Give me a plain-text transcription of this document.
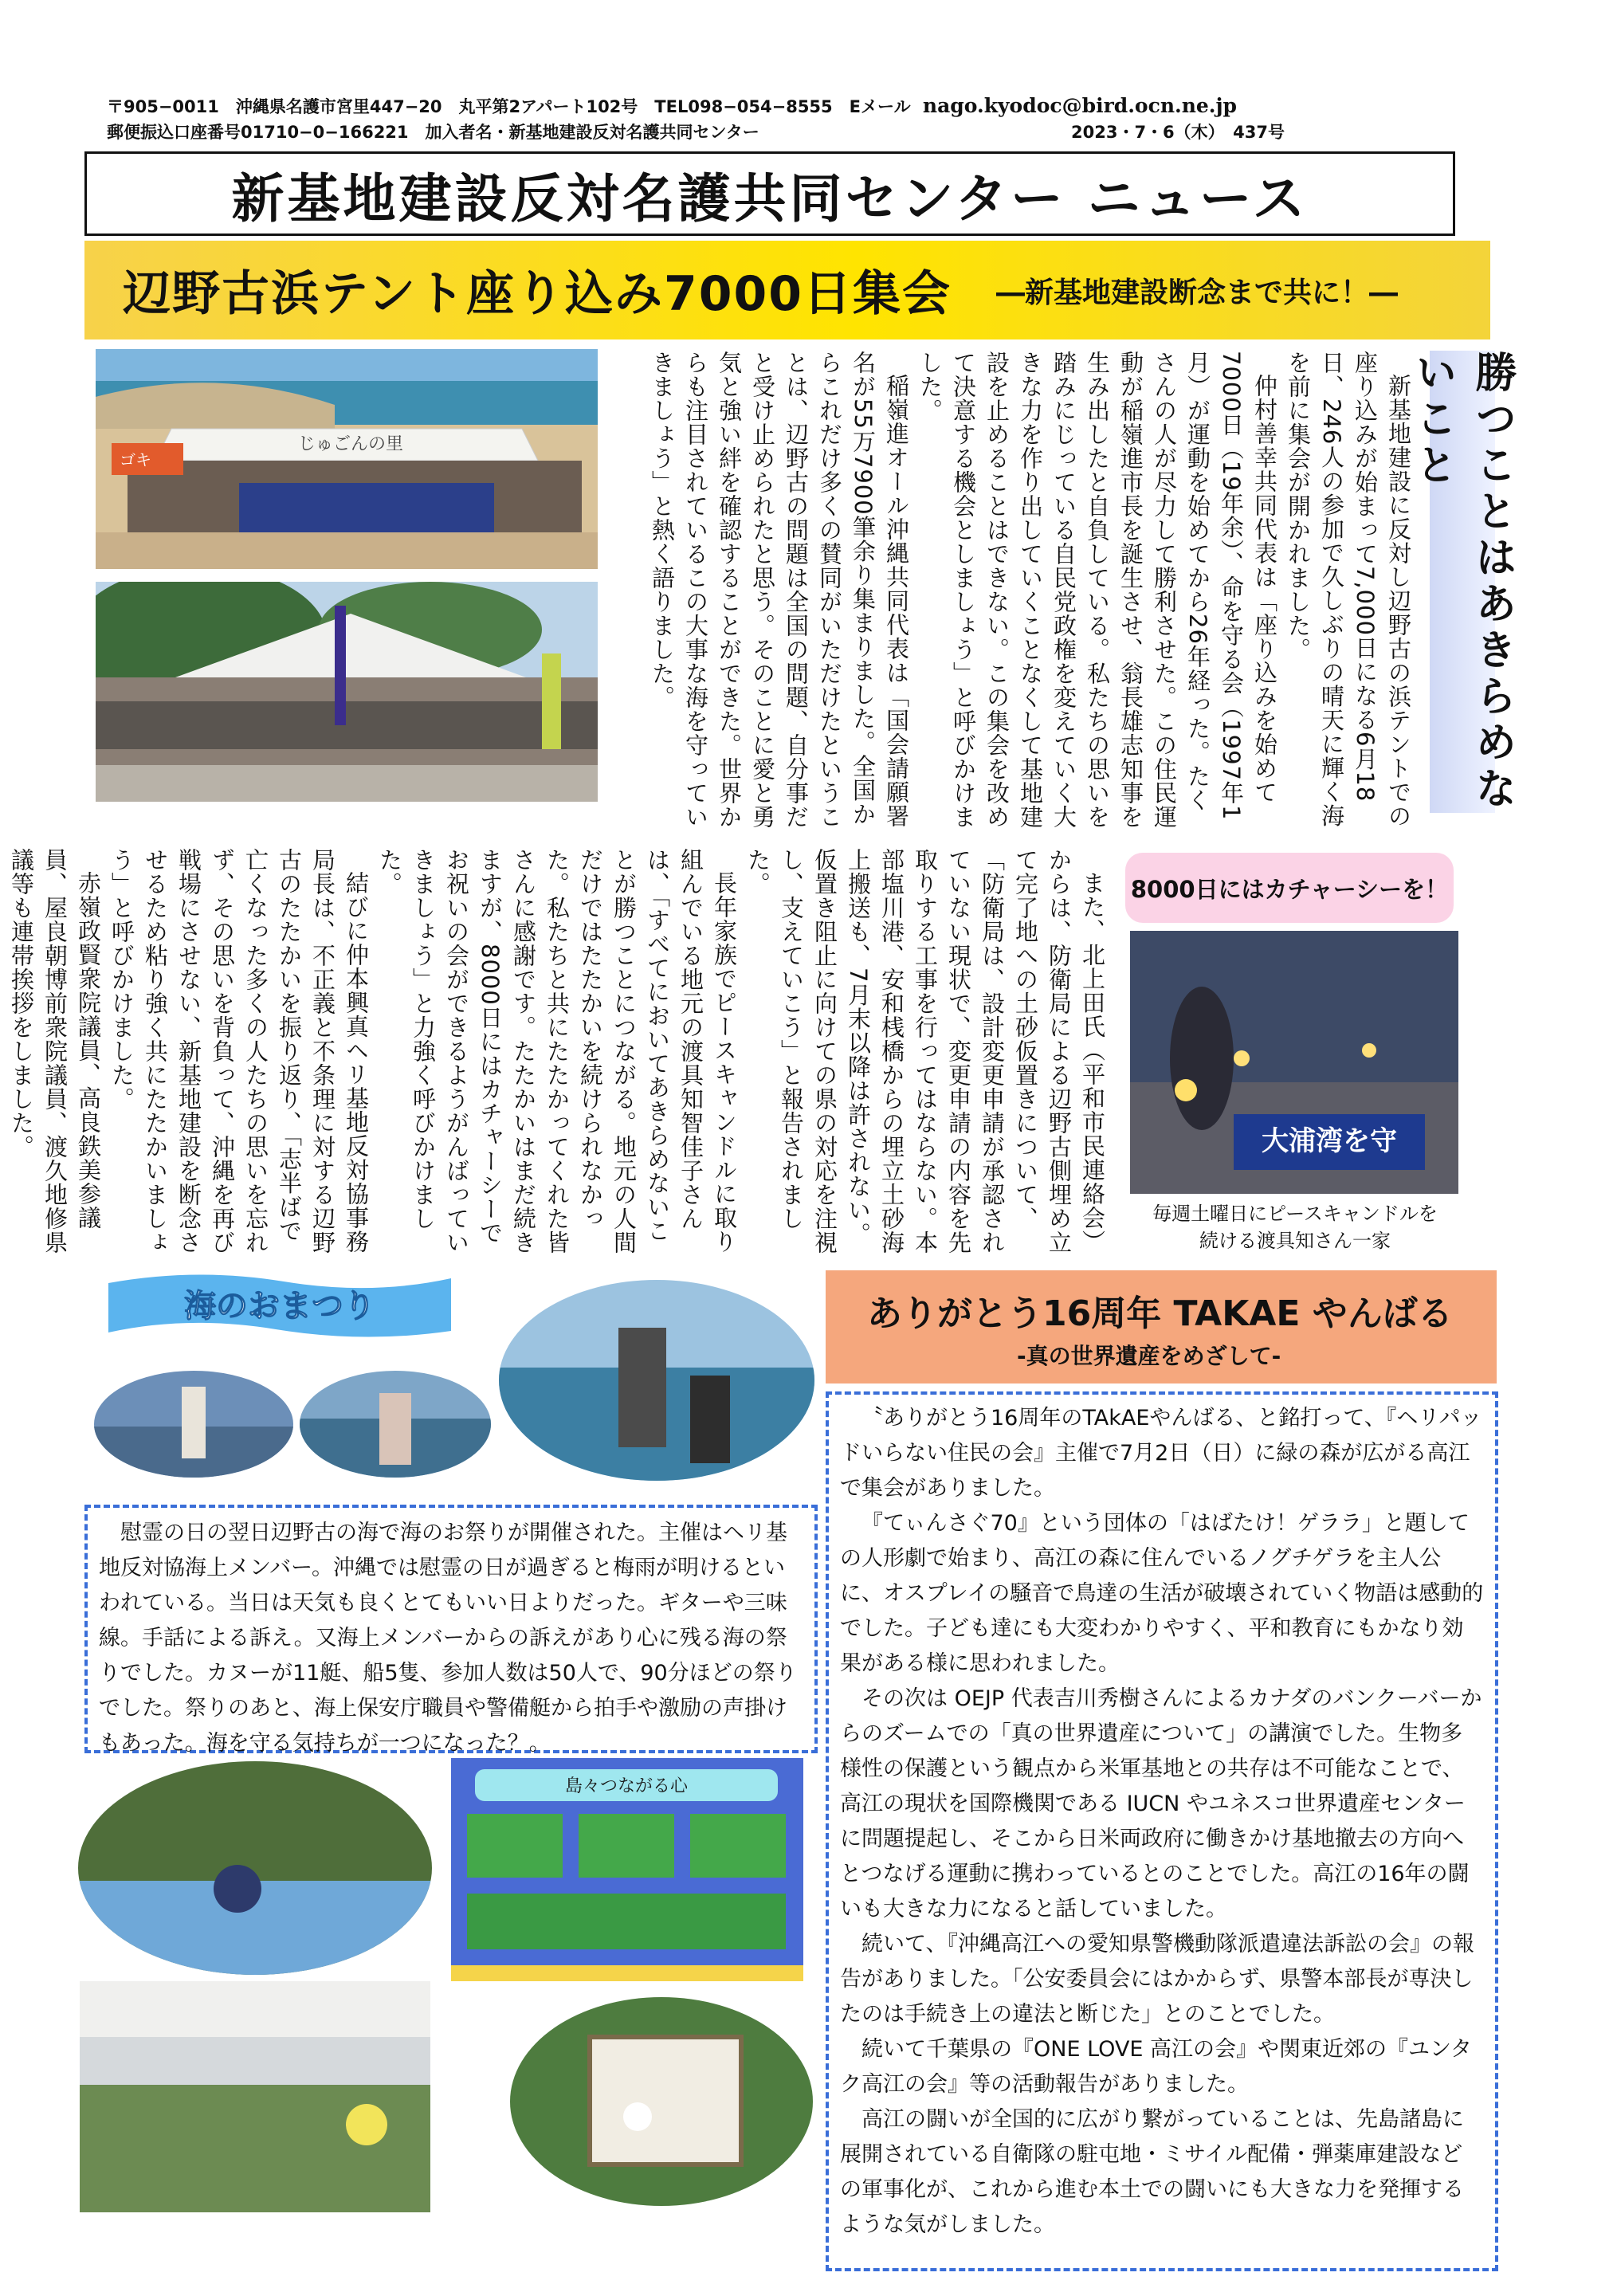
〒905−0011　沖縄県名護市宮里447−20　丸平第2アパート102号　TEL098−054−8555　Eメール nago.kyodoc@bird.ocn.ne.jp
郵便振込口座番号01710−0−166221　加入者名・新基地建設反対名護共同センター	2023・7・6（木）　437号
新基地建設反対名護共同センター ニュース
辺野古浜テント座り込み7000日集会 ―新基地建設断念まで共に！―
じゅごんの里
ゴキ	新基地建設に反対し辺野古の浜テントでの座り込みが始まって7,000日になる6月18日、246人の参加で久しぶりの晴天に輝く海を前に集会が開かれました。

仲村善幸共同代表は「座り込みを始めて7000日（19年余）、命を守る会（1997年1月）が運動を始めてから26年経った。たくさんの人が尽力して勝利させた。この住民運動が稲嶺進市長を誕生させ、翁長雄志知事を生み出したと自負している。私たちの思いを踏みにじっている自民党政権を変えていく大きな力を作り出していくことなくして基地建設を止めることはできない。この集会を改めて決意する機会としましょう」と呼びかけました。

稲嶺進オール沖縄共同代表は「国会請願署名が55万7900筆余り集まりました。全国からこれだけ多くの賛同がいただけたということは、辺野古の問題は全国の問題、自分事だと受け止められたと思う。そのことに愛と勇気と強い絆を確認することができた。世界からも注目されているこの大事な海を守っていきましょう」と熱く語りました。	勝つことはあきらめないこと
8000日にはカチャーシーを！
大浦湾を守
毎週土曜日にピースキャンドルを
続ける渡具知さん一家

また、北上田氏（平和市民連絡会）からは、防衛局による辺野古側埋め立て完了地への土砂仮置きについて、「防衛局は、設計変更申請が承認されていない現状で、変更申請の内容を先取りする工事を行ってはならない。本部塩川港、安和桟橋からの埋立土砂海上搬送も、7月末以降は許されない。仮置き阻止に向けての県の対応を注視し、支えていこう」と報告されました。

長年家族でピースキャンドルに取り組んでいる地元の渡具知智佳子さんは、「すべてにおいてあきらめないことが勝つことにつながる。地元の人間だけではたたかいを続けられなかった。私たちと共にたたかってくれた皆さんに感謝です。たたかいはまだ続きますが、8000日にはカチャーシーでお祝いの会ができるようがんばっていきましょう」と力強く呼びかけました。

結びに仲本興真ヘリ基地反対協事務局長は、不正義と不条理に対する辺野古のたたかいを振り返り、「志半ばで亡くなった多くの人たちの思いを忘れず、その思いを背負って、沖縄を再び戦場にさせない、新基地建設を断念させるため粘り強く共にたたかいましょう」と呼びかけました。

赤嶺政賢衆院議員、高良鉄美参議員、屋良朝博前衆院議員、渡久地修県議等も連帯挨拶をしました。

海のおまつり

慰霊の日の翌日辺野古の海で海のお祭りが開催された。主催はヘリ基地反対協海上メンバー。沖縄では慰霊の日が過ぎると梅雨が明けるといわれている。当日は天気も良くとてもいい日よりだった。ギターや三味線。手話による訴え。又海上メンバーからの訴えがあり心に残る海の祭りでした。カヌーが11艇、船5隻、参加人数は50人で、90分ほどの祭りでした。祭りのあと、海上保安庁職員や警備艇から拍手や激励の声掛けもあった。海を守る気持ちが一つになった？。

島々つながる心
ありがとう16周年 TAKAE やんばる
-真の世界遺産をめざして-

〝ありがとう16周年のTAkAEやんばる、と銘打って、『ヘリパッドいらない住民の会』主催で7月2日（日）に緑の森が広がる高江で集会がありました。

『てぃんさぐ70』という団体の「はばたけ！ゲララ」と題しての人形劇で始まり、高江の森に住んでいるノグチゲラを主人公に、オスプレイの騒音で鳥達の生活が破壊されていく物語は感動的でした。子ども達にも大変わかりやすく、平和教育にもかなり効果がある様に思われました。

その次は OEJP 代表吉川秀樹さんによるカナダのバンクーバーからのズームでの「真の世界遺産について」の講演でした。生物多様性の保護という観点から米軍基地との共存は不可能なことで、高江の現状を国際機関である IUCN やユネスコ世界遺産センターに問題提起し、そこから日米両政府に働きかけ基地撤去の方向へとつなげる運動に携わっているとのことでした。高江の16年の闘いも大きな力になると話していました。

続いて、『沖縄高江への愛知県警機動隊派遣違法訴訟の会』の報告がありました。「公安委員会にはかからず、県警本部長が専決したのは手続き上の違法と断じた」とのことでした。

続いて千葉県の『ONE LOVE 高江の会』や関東近郊の『ユンタク高江の会』等の活動報告がありました。

高江の闘いが全国的に広がり繋がっていることは、先島諸島に展開されている自衛隊の駐屯地・ミサイル配備・弾薬庫建設などの軍事化が、これから進む本土での闘いにも大きな力を発揮するような気がしました。
